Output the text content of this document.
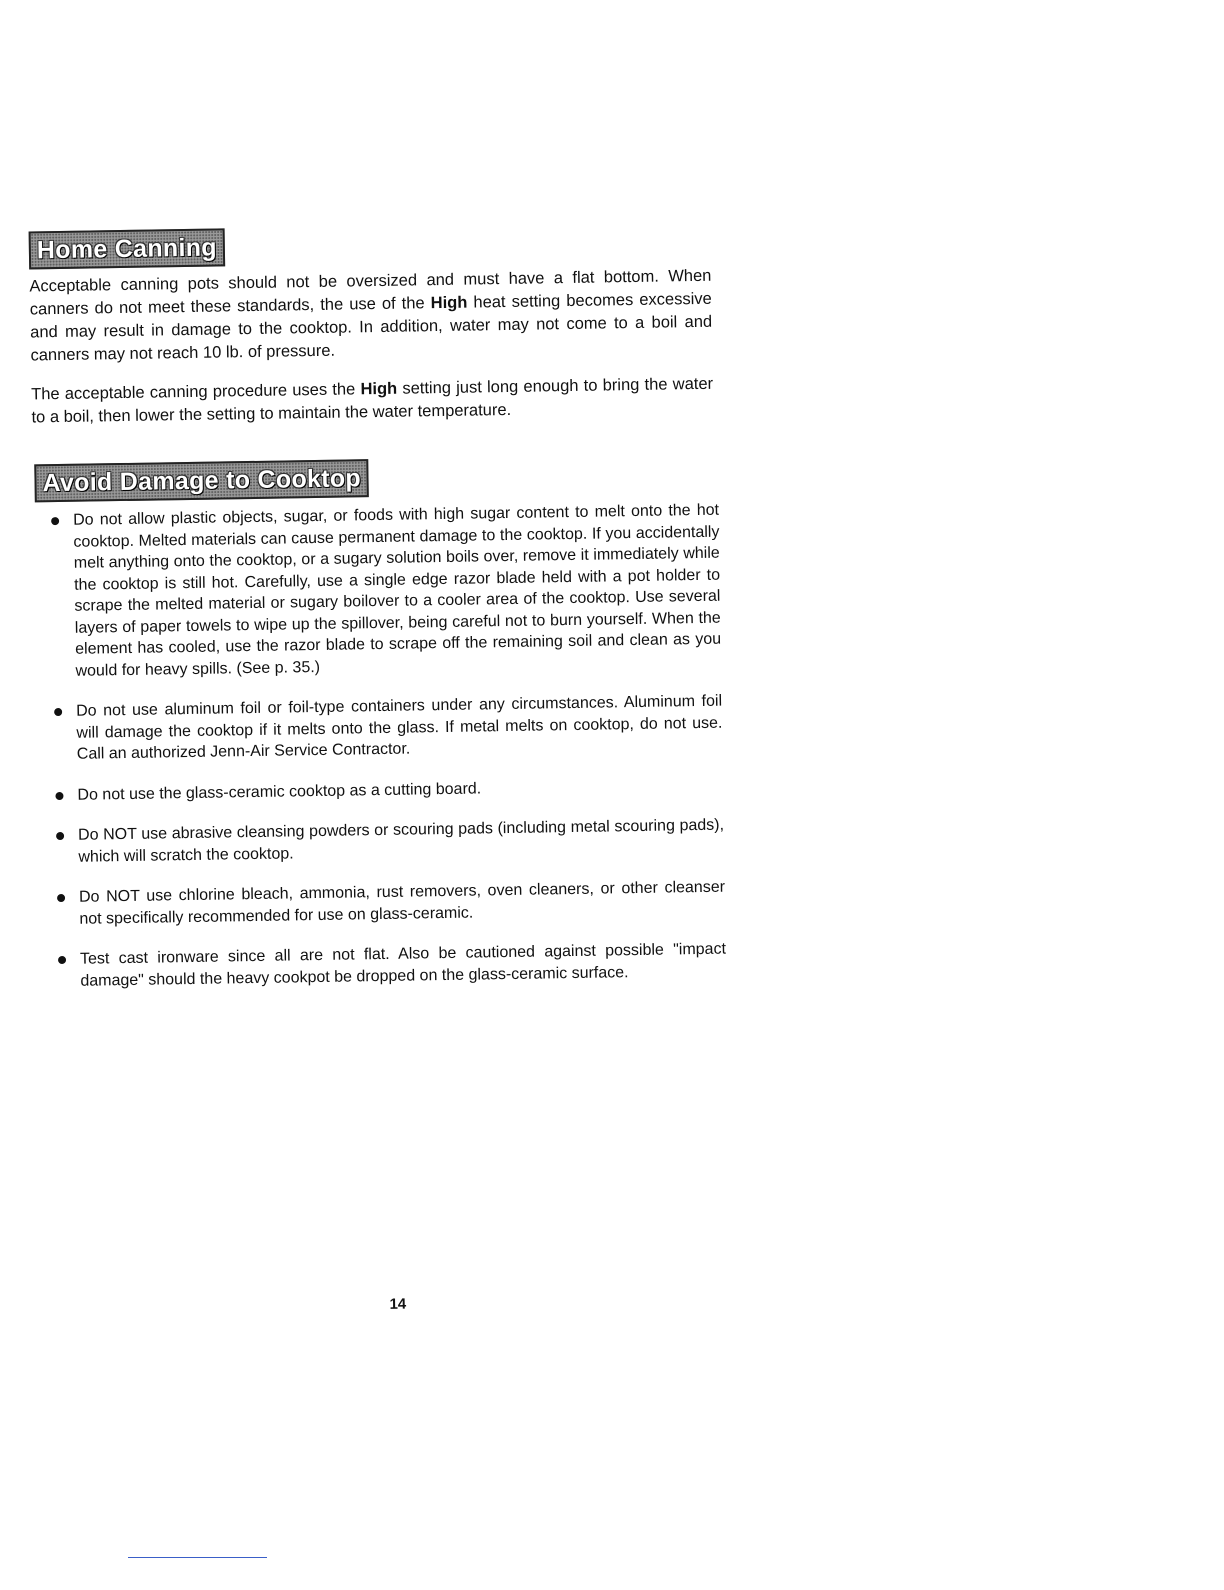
Home Canning

Acceptable canning pots should not be oversized and must have a flat bottom. When canners do not meet these standards, the use of the High heat setting becomes excessive and may result in damage to the cooktop. In addition, water may not come to a boil and canners may not reach 10 lb. of pressure.

The acceptable canning procedure uses the High setting just long enough to bring the water to a boil, then lower the setting to maintain the water temperature.

Avoid Damage to Cooktop
Do not allow plastic objects, sugar, or foods with high sugar content to melt onto the hot cooktop. Melted materials can cause permanent damage to the cooktop. If you accidentally melt anything onto the cooktop, or a sugary solution boils over, remove it immediately while the cooktop is still hot. Carefully, use a single edge razor blade held with a pot holder to scrape the melted material or sugary boilover to a cooler area of the cooktop. Use several layers of paper towels to wipe up the spillover, being careful not to burn yourself. When the element has cooled, use the razor blade to scrape off the remaining soil and clean as you would for heavy spills. (See p. 35.)
Do not use aluminum foil or foil-type containers under any circumstances. Aluminum foil will damage the cooktop if it melts onto the glass. If metal melts on cooktop, do not use. Call an authorized Jenn-Air Service Contractor.
Do not use the glass-ceramic cooktop as a cutting board.
Do NOT use abrasive cleansing powders or scouring pads (including metal scouring pads), which will scratch the cooktop.
Do NOT use chlorine bleach, ammonia, rust removers, oven cleaners, or other cleanser not specifically recommended for use on glass-ceramic.
Test cast ironware since all are not flat. Also be cautioned against possible "impact damage" should the heavy cookpot be dropped on the glass-ceramic surface.
14
